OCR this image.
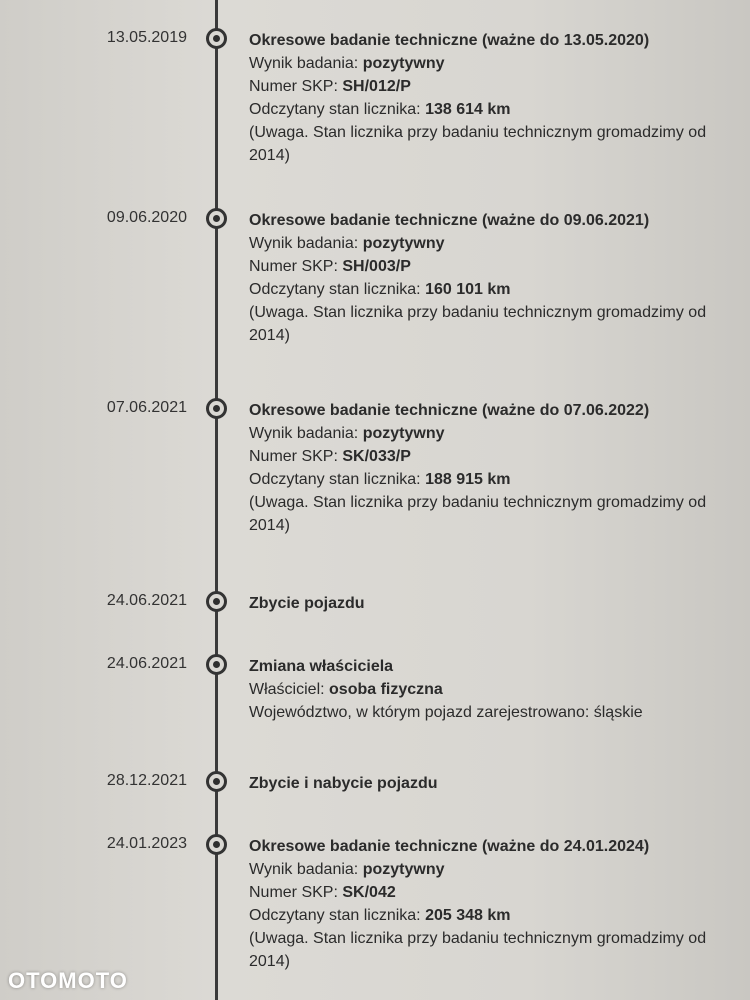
13.05.2019	Okresowe badanie techniczne (ważne do 13.05.2020)
Wynik badania: pozytywny
Numer SKP: SH/012/P
Odczytany stan licznika: 138 614 km
(Uwaga. Stan licznika przy badaniu technicznym gromadzimy od 2014)
09.06.2020	Okresowe badanie techniczne (ważne do 09.06.2021)
Wynik badania: pozytywny
Numer SKP: SH/003/P
Odczytany stan licznika: 160 101 km
(Uwaga. Stan licznika przy badaniu technicznym gromadzimy od 2014)
07.06.2021	Okresowe badanie techniczne (ważne do 07.06.2022)
Wynik badania: pozytywny
Numer SKP: SK/033/P
Odczytany stan licznika: 188 915 km
(Uwaga. Stan licznika przy badaniu technicznym gromadzimy od 2014)
24.06.2021	Zbycie pojazdu
24.06.2021	Zmiana właściciela
Właściciel: osoba fizyczna
Województwo, w którym pojazd zarejestrowano: śląskie
28.12.2021	Zbycie i nabycie pojazdu
24.01.2023	Okresowe badanie techniczne (ważne do 24.01.2024)
Wynik badania: pozytywny
Numer SKP: SK/042
Odczytany stan licznika: 205 348 km
(Uwaga. Stan licznika przy badaniu technicznym gromadzimy od 2014)
OTOMOTO
